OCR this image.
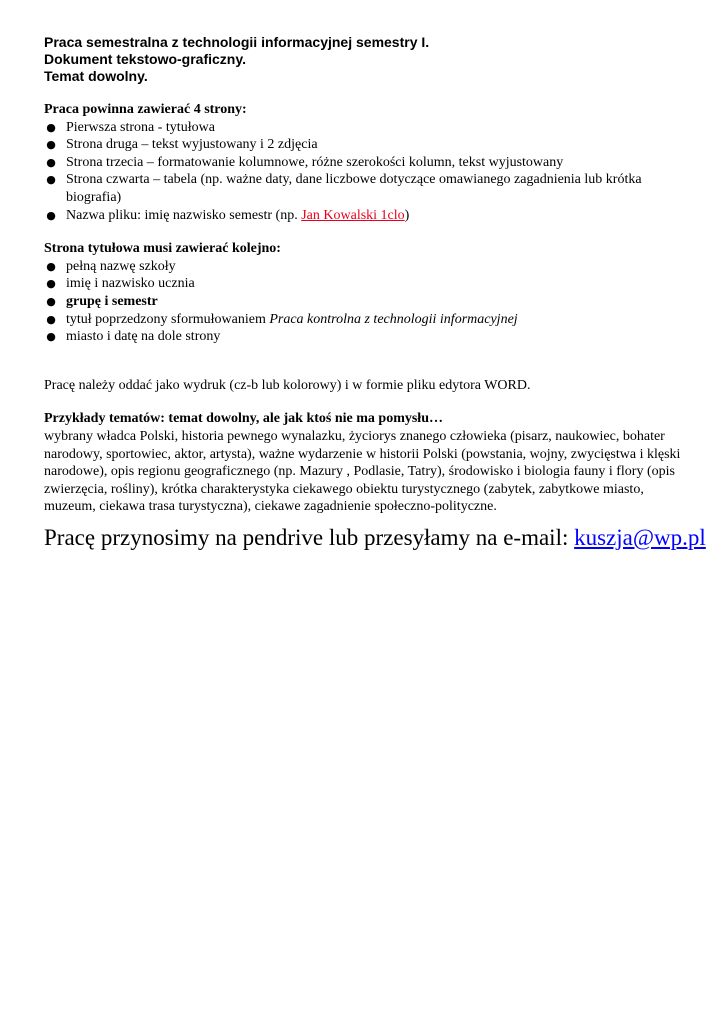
Praca semestralna z technologii informacyjnej semestry I.
Dokument tekstowo-graficzny.
Temat dowolny.

Praca powinna zawierać 4 strony:

● Pierwsza strona - tytułowa
● Strona druga – tekst wyjustowany i 2 zdjęcia
● Strona trzecia – formatowanie kolumnowe, różne szerokości kolumn, tekst wyjustowany
● Strona czwarta – tabela (np. ważne daty, dane liczbowe dotyczące omawianego zagadnienia lub krótka biografia)
● Nazwa pliku: imię nazwisko semestr (np. Jan Kowalski 1clo)

Strona tytułowa musi zawierać kolejno:

● pełną nazwę szkoły
● imię i nazwisko ucznia
● grupę i semestr
● tytuł poprzedzony sformułowaniem Praca kontrolna z technologii informacyjnej
● miasto i datę na dole strony

Pracę należy oddać jako wydruk (cz-b lub kolorowy) i w formie pliku edytora WORD.

Przykłady tematów: temat dowolny, ale jak ktoś nie ma pomysłu…

wybrany władca Polski, historia pewnego wynalazku, życiorys znanego człowieka (pisarz, naukowiec, bohater narodowy, sportowiec, aktor, artysta), ważne wydarzenie w historii Polski (powstania, wojny, zwycięstwa i klęski narodowe), opis regionu geograficznego (np. Mazury , Podlasie, Tatry), środowisko i biologia fauny i flory (opis zwierzęcia, rośliny), krótka charakterystyka ciekawego obiektu turystycznego (zabytek, zabytkowe miasto, muzeum, ciekawa trasa turystyczna), ciekawe zagadnienie społeczno-polityczne.

Pracę przynosimy na pendrive lub przesyłamy na e-mail: kuszja@wp.pl
